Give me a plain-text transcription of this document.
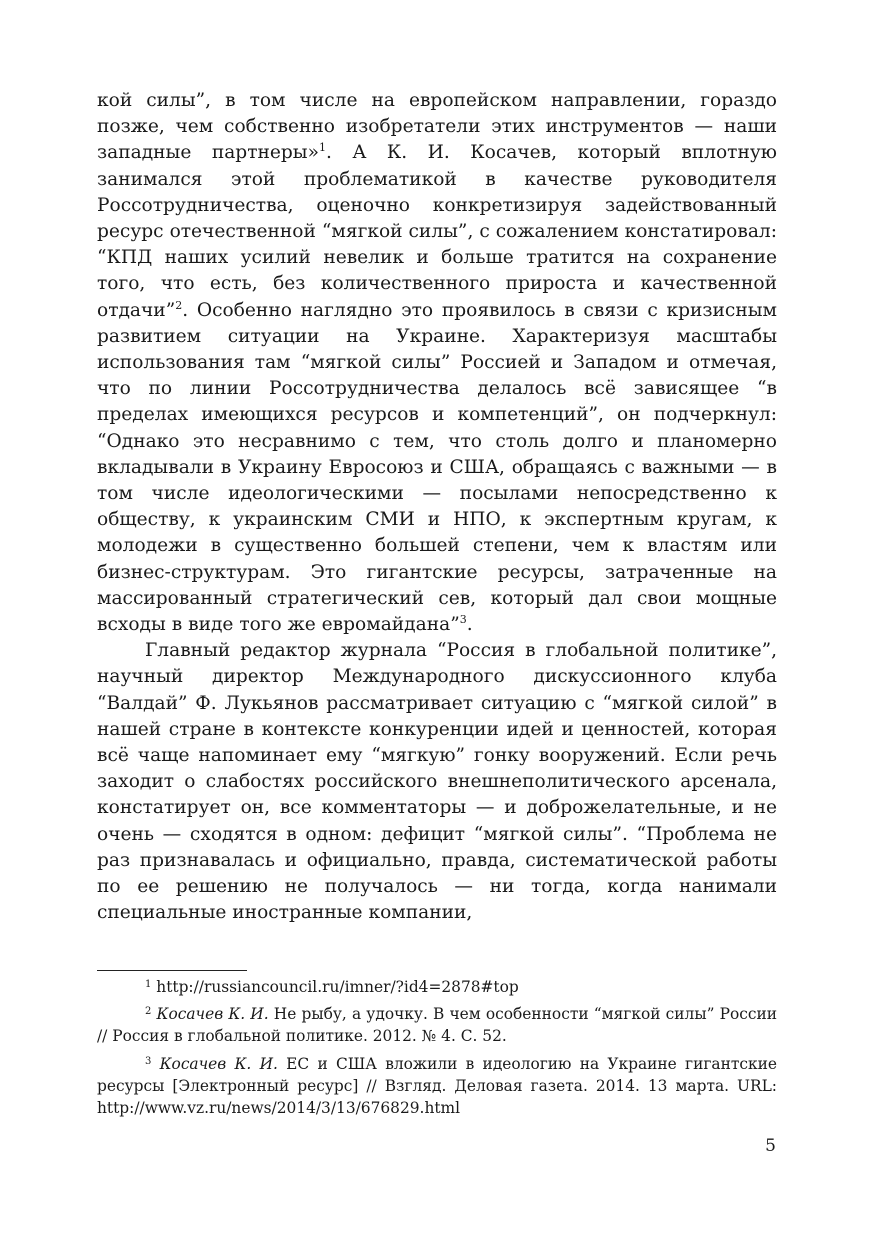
кой силы”, в том числе на европейском направлении, гораздо позже, чем собственно изобретатели этих инструментов — наши западные партнеры»$^1$. А К. И. Косачев, который вплотную занимался этой проблематикой в качестве руководителя Россотрудничества, оценочно конкретизируя задействованный ресурс отечественной “мягкой силы”, с сожалением констатировал: “КПД наших усилий невелик и больше тратится на сохранение того, что есть, без количественного прироста и качественной отдачи”$^2$. Особенно наглядно это проявилось в связи с кризисным развитием ситуации на Украине. Характеризуя масштабы использования там “мягкой силы” Россией и Западом и отмечая, что по линии Россотрудничества делалось всё зависящее “в пределах имеющихся ресурсов и компетенций”, он подчеркнул: “Однако это несравнимо с тем, что столь долго и планомерно вкладывали в Украину Евросоюз и США, обращаясь с важными — в том числе идеологическими — посылами непосредственно к обществу, к украинским СМИ и НПО, к экспертным кругам, к молодежи в существенно большей степени, чем к властям или бизнес-структурам. Это гигантские ресурсы, затраченные на массированный стратегический сев, который дал свои мощные всходы в виде того же евромайдана”$^3$.

Главный редактор журнала “Россия в глобальной политике”, научный директор Международного дискуссионного клуба “Валдай” Ф. Лукьянов рассматривает ситуацию с “мягкой силой” в нашей стране в контексте конкуренции идей и ценностей, которая всё чаще напоминает ему “мягкую” гонку вооружений. Если речь заходит о слабостях российского внешнеполитического арсенала, констатирует он, все комментаторы — и доброжелательные, и не очень — сходятся в одном: дефицит “мягкой силы”. “Проблема не раз признавалась и официально, правда, систематической работы по ее решению не получалось — ни тогда, когда нанимали специальные иностранные компании,

$^1$ http://russiancouncil.ru/imner/?id4=2878#top

$^2$ Косачев К. И. Не рыбу, а удочку. В чем особенности “мягкой силы” России // Россия в глобальной политике. 2012. № 4. С. 52.

$^3$ Косачев К. И. ЕС и США вложили в идеологию на Украине гигантские ресурсы [Электронный ресурс] // Взгляд. Деловая газета. 2014. 13 марта. URL: http://www.vz.ru/news/2014/3/13/676829.html

5
